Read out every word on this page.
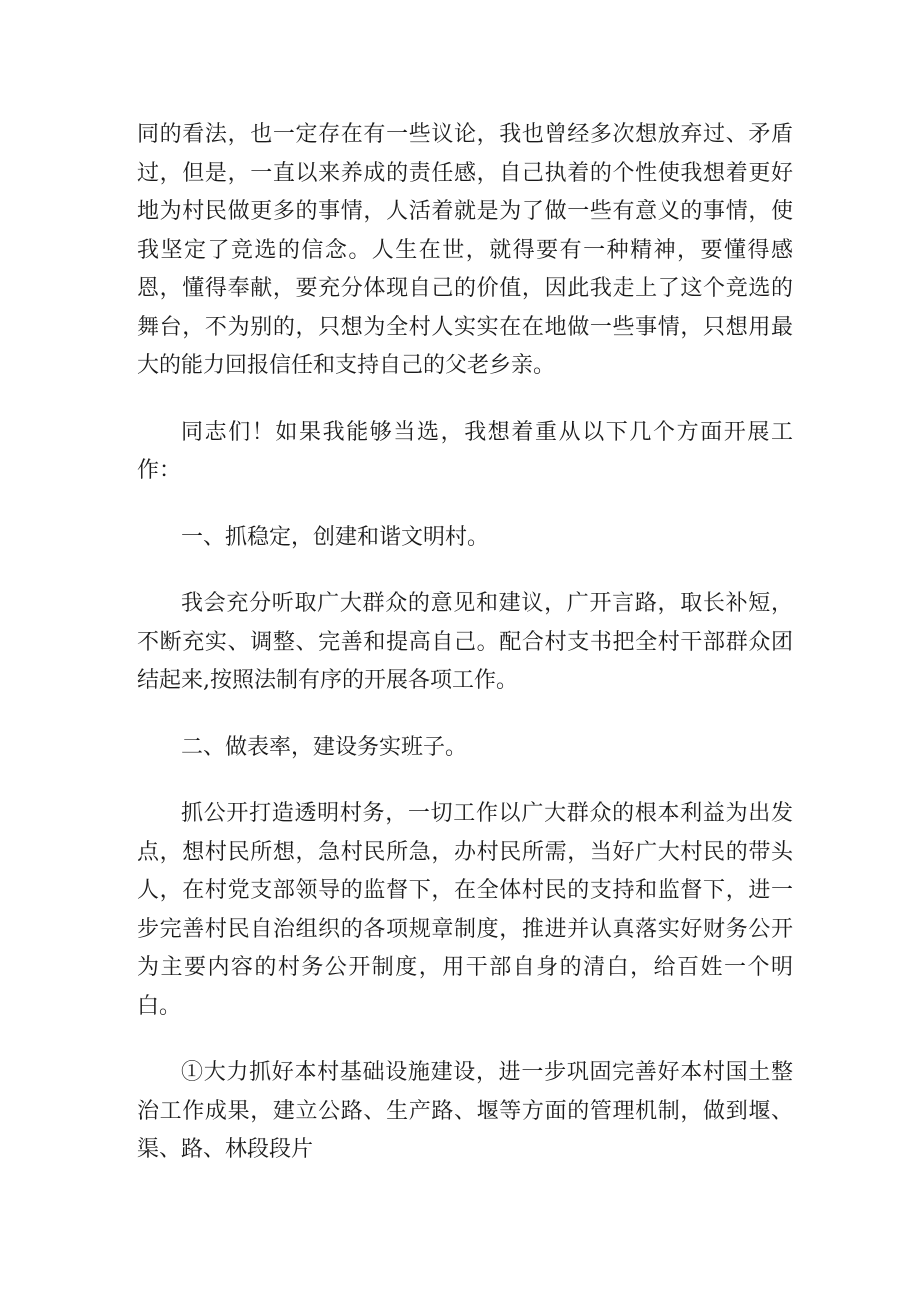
同的看法，也一定存在有一些议论，我也曾经多次想放弃过、矛盾过，但是，一直以来养成的责任感，自己执着的个性使我想着更好地为村民做更多的事情，人活着就是为了做一些有意义的事情，使我坚定了竞选的信念。人生在世，就得要有一种精神，要懂得感恩，懂得奉献，要充分体现自己的价值，因此我走上了这个竞选的舞台，不为别的，只想为全村人实实在在地做一些事情，只想用最大的能力回报信任和支持自己的父老乡亲。

同志们！如果我能够当选，我想着重从以下几个方面开展工作：

一、抓稳定，创建和谐文明村。

我会充分听取广大群众的意见和建议，广开言路，取长补短，不断充实、调整、完善和提高自己。配合村支书把全村干部群众团结起来,按照法制有序的开展各项工作。

二、做表率，建设务实班子。

抓公开打造透明村务，一切工作以广大群众的根本利益为出发点，想村民所想，急村民所急，办村民所需，当好广大村民的带头人，在村党支部领导的监督下，在全体村民的支持和监督下，进一步完善村民自治组织的各项规章制度，推进并认真落实好财务公开为主要内容的村务公开制度，用干部自身的清白，给百姓一个明白。

①大力抓好本村基础设施建设，进一步巩固完善好本村国土整治工作成果，建立公路、生产路、堰等方面的管理机制，做到堰、渠、路、林段段片
